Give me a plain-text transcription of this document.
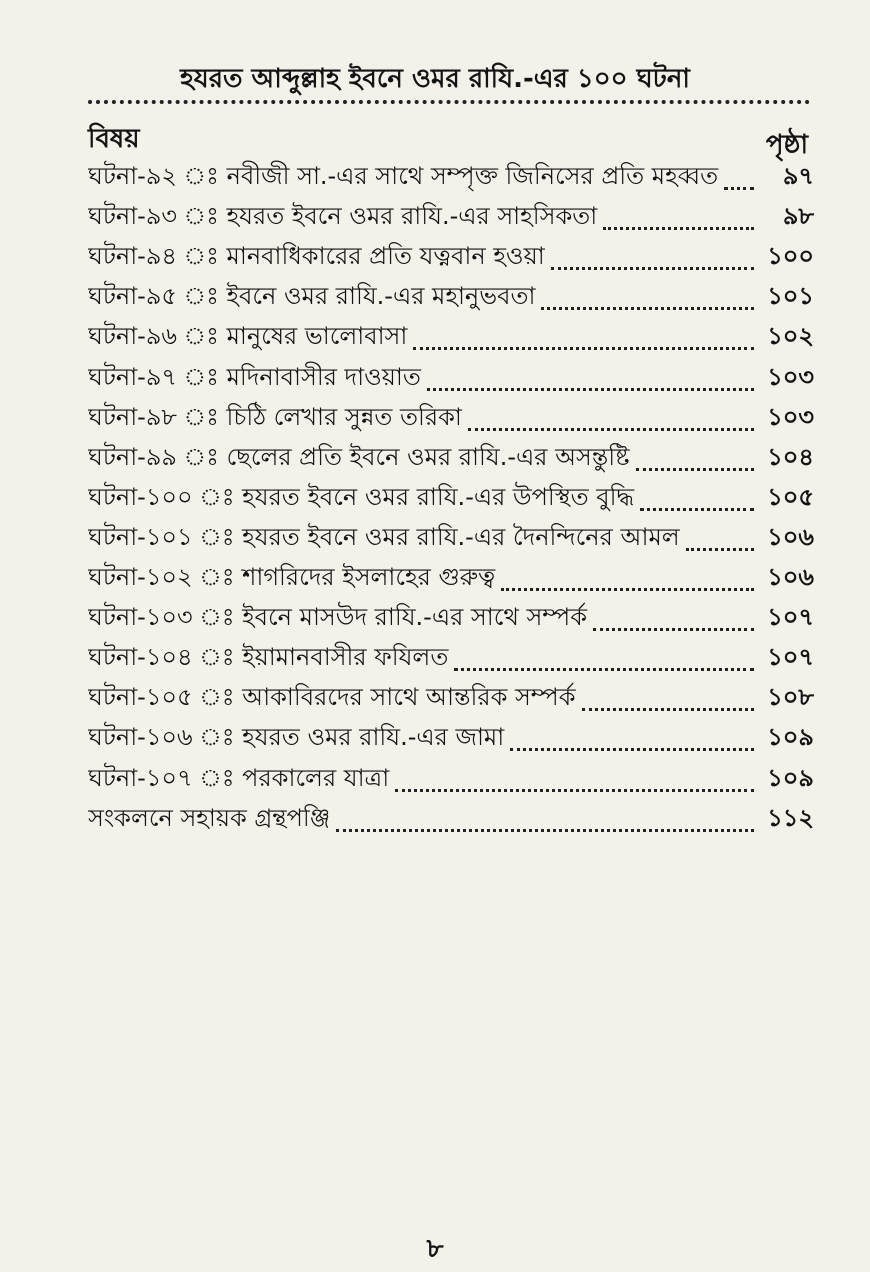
হযরত আব্দুল্লাহ ইবনে ওমর রাযি.-এর ১০০ ঘটনা
বিষয়	পৃষ্ঠা
ঘটনা-৯২ ঃ নবীজী সা.-এর সাথে সম্পৃক্ত জিনিসের প্রতি মহব্বত	৯৭
ঘটনা-৯৩ ঃ হযরত ইবনে ওমর রাযি.-এর সাহসিকতা	৯৮
ঘটনা-৯৪ ঃ মানবাধিকারের প্রতি যত্নবান হওয়া	১০০
ঘটনা-৯৫ ঃ ইবনে ওমর রাযি.-এর মহানুভবতা	১০১
ঘটনা-৯৬ ঃ মানুষের ভালোবাসা	১০২
ঘটনা-৯৭ ঃ মদিনাবাসীর দাওয়াত	১০৩
ঘটনা-৯৮ ঃ চিঠি লেখার সুন্নত তরিকা	১০৩
ঘটনা-৯৯ ঃ ছেলের প্রতি ইবনে ওমর রাযি.-এর অসন্তুষ্টি	১০৪
ঘটনা-১০০ ঃ হযরত ইবনে ওমর রাযি.-এর উপস্থিত বুদ্ধি	১০৫
ঘটনা-১০১ ঃ হযরত ইবনে ওমর রাযি.-এর দৈনন্দিনের আমল	১০৬
ঘটনা-১০২ ঃ শাগরিদের ইসলাহের গুরুত্ব	১০৬
ঘটনা-১০৩ ঃ ইবনে মাসউদ রাযি.-এর সাথে সম্পর্ক	১০৭
ঘটনা-১০৪ ঃ ইয়ামানবাসীর ফযিলত	১০৭
ঘটনা-১০৫ ঃ আকাবিরদের সাথে আন্তরিক সম্পর্ক	১০৮
ঘটনা-১০৬ ঃ হযরত ওমর রাযি.-এর জামা	১০৯
ঘটনা-১০৭ ঃ পরকালের যাত্রা	১০৯
সংকলনে সহায়ক গ্রন্থপঞ্জি	১১২
৮
